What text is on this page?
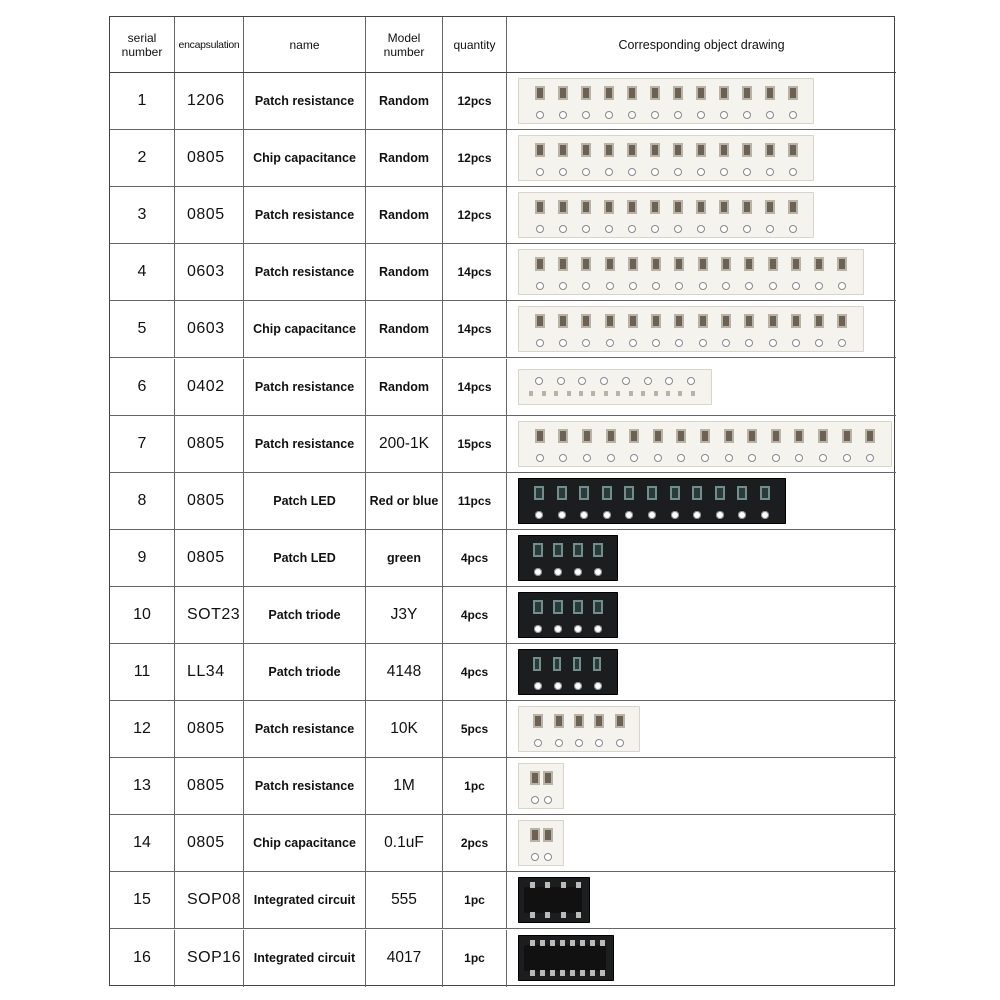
serial number	encapsulation	name	Model number	quantity	Corresponding object drawing
1	1206	Patch resistance	Random	12pcs
2	0805	Chip capacitance	Random	12pcs
3	0805	Patch resistance	Random	12pcs
4	0603	Patch resistance	Random	14pcs
5	0603	Chip capacitance	Random	14pcs
6	0402	Patch resistance	Random	14pcs
7	0805	Patch resistance	200-1K	15pcs
8	0805	Patch LED	Red or blue	11pcs
9	0805	Patch LED	green	4pcs
10	SOT23	Patch triode	J3Y	4pcs
11	LL34	Patch triode	4148	4pcs
12	0805	Patch resistance	10K	5pcs
13	0805	Patch resistance	1M	1pc
14	0805	Chip capacitance	0.1uF	2pcs
15	SOP08	Integrated circuit	555	1pc
16	SOP16	Integrated circuit	4017	1pc
